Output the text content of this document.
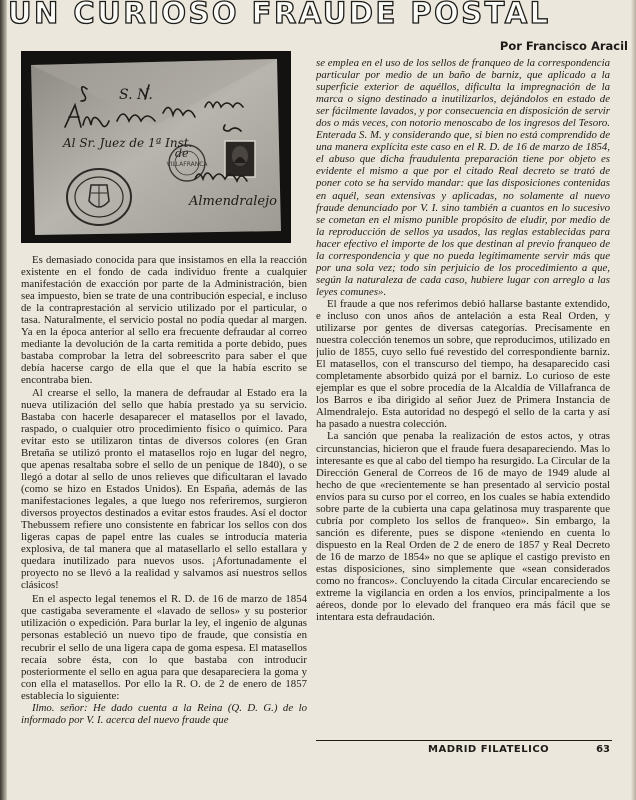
UN CURIOSO FRAUDE POSTAL
Por Francisco Aracil
VILLAFRANCA
S. N.
Al Sr. Juez de 1ª Inst.
de
Almendralejo

Es demasiado conocida para que insistamos en ella la reacción existente en el fondo de cada individuo frente a cualquier manifestación de exacción por parte de la Administración, bien sea impuesto, bien se trate de una contribución especial, e incluso de la contraprestación al servicio utilizado por el particular, o tasa. Naturalmente, el servicio postal no podía quedar al margen. Ya en la época anterior al sello era frecuente defraudar al correo mediante la devolución de la carta remitida a porte debido, pues bastaba comprobar la letra del sobreescrito para saber el que debía hacerse cargo de ella que el que la había escrito se encontraba bien.

Al crearse el sello, la manera de defraudar al Estado era la nueva utilización del sello que había prestado ya su servicio. Bastaba con hacerle desaparecer el matasellos por el lavado, raspado, o cualquier otro procedimiento físico o químico. Para evitar esto se utilizaron tintas de diversos colores (en Gran Bretaña se utilizó pronto el matasellos rojo en lugar del negro, que apenas resaltaba sobre el sello de un penique de 1840), o se llegó a dotar al sello de unos relieves que dificultaran el lavado (como se hizo en Estados Unidos). En España, además de las manifestaciones legales, a que luego nos referiremos, surgieron diversos proyectos destinados a evitar estos fraudes. Así el doctor Thebussem refiere uno consistente en fabricar los sellos con dos ligeras capas de papel entre las cuales se introducía materia explosiva, de tal manera que al matasellarlo el sello estallara y quedara inutilizado para nuevos usos. ¡Afortunadamente el proyecto no se llevó a la realidad y salvamos así nuestros sellos clásicos!

En el aspecto legal tenemos el R. D. de 16 de marzo de 1854 que castigaba severamente el «lavado de sellos» y su posterior utilización o expedición. Para burlar la ley, el ingenio de algunas personas estableció un nuevo tipo de fraude, que consistía en recubrir el sello de una ligera capa de goma espesa. El matasellos recaía sobre ésta, con lo que bastaba con introducir posteriormente el sello en agua para que desapareciera la goma y con ella el matasellos. Por ello la R. O. de 2 de enero de 1857 establecía lo siguiente:

Ilmo. señor: He dado cuenta a la Reina (Q. D. G.) de lo informado por V. I. acerca del nuevo fraude que

se emplea en el uso de los sellos de franqueo de la correspondencia particular por medio de un baño de barniz, que aplicado a la superficie exterior de aquéllos, dificulta la impregnación de la marca o signo destinado a inutilizarlos, dejándolos en estado de ser fácilmente lavados, y por consecuencia en disposición de servir dos o más veces, con notorio menoscabo de los ingresos del Tesoro. Enterada S. M. y considerando que, si bien no está comprendido de una manera explícita este caso en el R. D. de 16 de marzo de 1854, el abuso que dicha fraudulenta preparación tiene por objeto es evidente el mismo a que por el citado Real decreto se trató de poner coto se ha servido mandar: que las disposiciones contenidas en aquél, sean extensivas y aplicadas, no solamente al nuevo fraude denunciado por V. I. sino también a cuantos en lo sucesivo se cometan en el mismo punible propósito de eludir, por medio de la reproducción de sellos ya usados, las reglas establecidas para hacer efectivo el importe de los que destinan al previo franqueo de la correspondencia y que no pueda legítimamente servir más que por una sola vez; todo sin perjuicio de los procedimiento a que, según la naturaleza de cada caso, hubiere lugar con arreglo a las leyes comunes».

El fraude a que nos referimos debió hallarse bastante extendido, e incluso con unos años de antelación a esta Real Orden, y utilizarse por gentes de diversas categorías. Precisamente en nuestra colección tenemos un sobre, que reproducimos, utilizado en julio de 1855, cuyo sello fué revestido del correspondiente barniz. El matasellos, con el transcurso del tiempo, ha desaparecido casi completamente absorbido quizá por el barniz. Lo curioso de este ejemplar es que el sobre procedía de la Alcaldía de Villafranca de los Barros e iba dirigido al señor Juez de Primera Instancia de Almendralejo. Esta autoridad no despegó el sello de la carta y así ha pasado a nuestra colección.

La sanción que penaba la realización de estos actos, y otras circunstancias, hicieron que el fraude fuera desapareciendo. Mas lo interesante es que al cabo del tiempo ha resurgido. La Circular de la Dirección General de Correos de 16 de mayo de 1949 alude al hecho de que «recientemente se han presentado al servicio postal envíos para su curso por el correo, en los cuales se había extendido sobre parte de la cubierta una capa gelatinosa muy trasparente que cubría por completo los sellos de franqueo». Sin embargo, la sanción es diferente, pues se dispone «teniendo en cuenta lo dispuesto en la Real Orden de 2 de enero de 1857 y Real Decreto de 16 de marzo de 1854» no que se aplique el castigo previsto en estas disposiciones, sino simplemente que «sean considerados como no francos». Concluyendo la citada Circular encareciendo se extreme la vigilancia en orden a los envíos, principalmente a los aéreos, donde por lo elevado del franqueo era más fácil que se intentara esta defraudación.

MADRID FILATELICO	63
